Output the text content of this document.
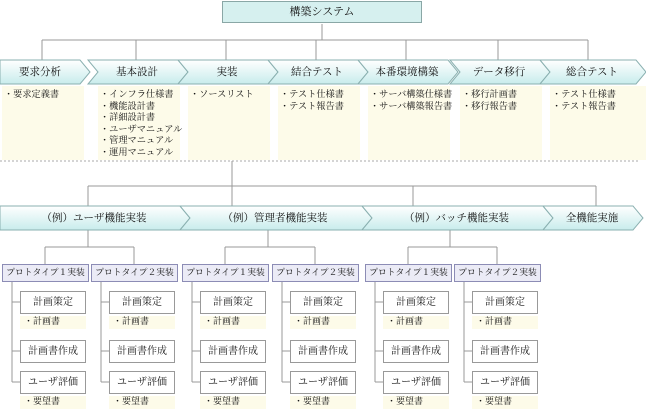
構築システム
要求分析
・要求定義書
基本設計
・インフラ仕様書
・機能設計書
・詳細設計書
・ユーザマニュアル
・管理マニュアル
・運用マニュアル
実装
・ソースリスト
結合テスト
・テスト仕様書
・テスト報告書
本番環境構築
・サーバ構築仕様書
・サーバ構築報告書
データ移行
・移行計画書
・移行報告書
総合テスト
・テスト仕様書
・テスト報告書
（例）ユーザ機能実装	（例）管理者機能実装	（例）バッチ機能実装	全機能実施
プロトタイプ１実装
計画策定
・計画書
計画書作成
ユーザ評価
・要望書
プロトタイプ２実装
計画策定
・計画書
計画書作成
ユーザ評価
・要望書
プロトタイプ１実装
計画策定
・計画書
計画書作成
ユーザ評価
・要望書
プロトタイプ２実装
計画策定
・計画書
計画書作成
ユーザ評価
・要望書
プロトタイプ１実装
計画策定
・計画書
計画書作成
ユーザ評価
・要望書
プロトタイプ２実装
計画策定
・計画書
計画書作成
ユーザ評価
・要望書
